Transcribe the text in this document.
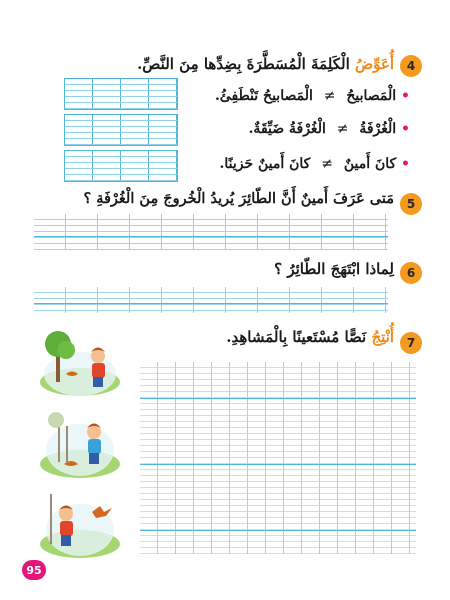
4
أُعَوِّضُ الْكَلِمَةَ الْمُسَطَّرَةَ بِضِدِّها مِنَ النَّصِّ.
• الْمَصابيحُ ≠ الْمَصابيحُ تَنْطَفِئُ.
• الْغُرْفَةُ ≠ الْغُرْفَةُ ضَيِّقَةٌ.
• كانَ أَمينٌ ≠ كانَ أَمينٌ حَزينًا.
5
مَتى عَرَفَ أَمينٌ أَنَّ الطّائِرَ يُريدُ الْخُروجَ مِنَ الْغُرْفَةِ ؟
6
لِماذا ابْتَهَجَ الطّائِرُ ؟
7
أُنْتِجُ نَصًّا مُسْتَعينًا بِالْمَشاهِدِ.
95
